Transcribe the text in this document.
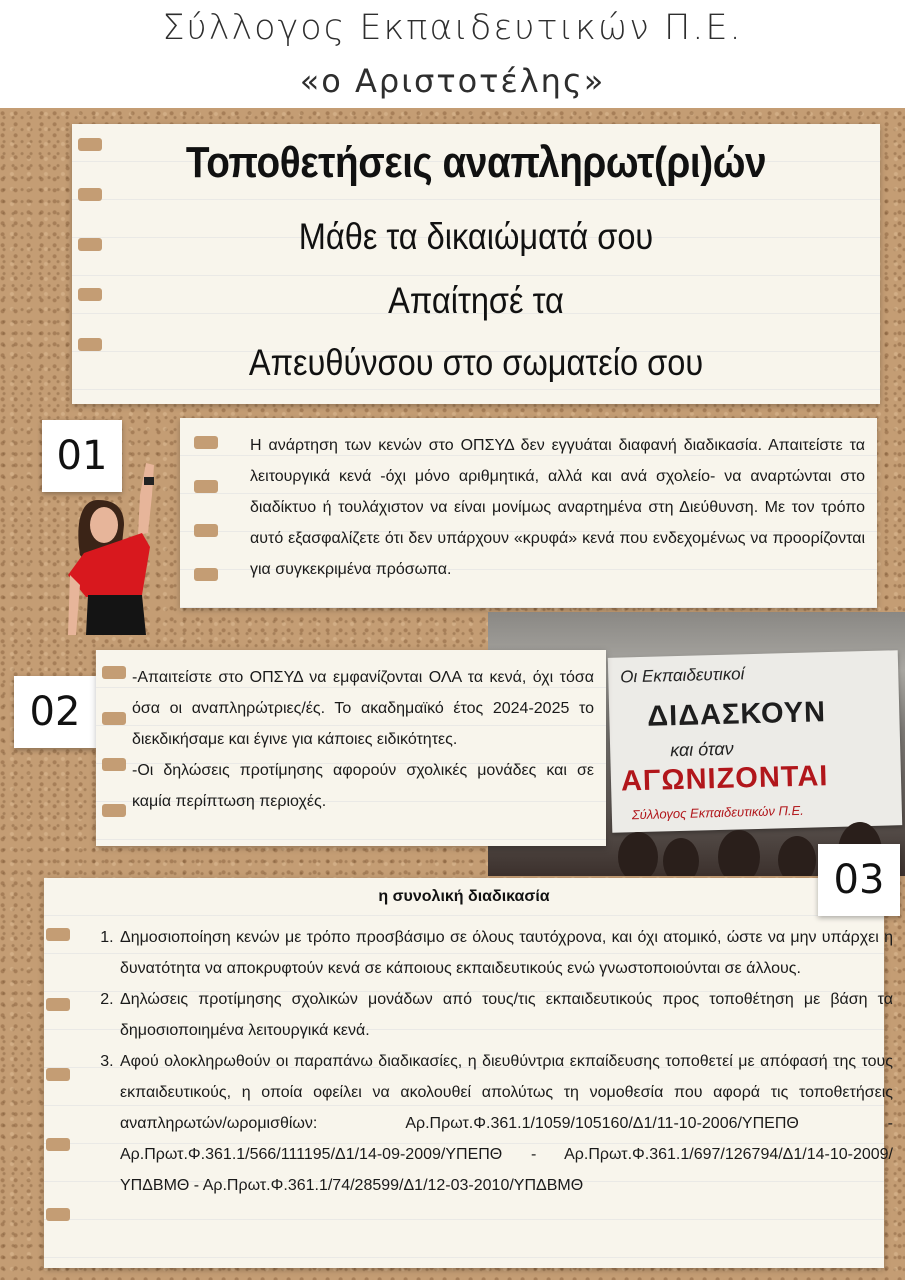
Σύλλογος Εκπαιδευτικών Π.Ε.
«ο Αριστοτέλης»
Τοποθετήσεις αναπληρωτ(ρι)ών
Μάθε τα δικαιώματά σου
Απαίτησέ τα
Απευθύνσου στο σωματείο σου
01	Η ανάρτηση των κενών στο ΟΠΣΥΔ δεν εγγυάται διαφανή διαδικασία. Απαιτείστε τα λειτουργικά κενά -όχι μόνο αριθμητικά, αλλά και ανά σχολείο- να αναρτώνται στο διαδίκτυο ή τουλάχιστον να είναι μονίμως αναρτημένα στη Διεύθυνση. Με τον τρόπο αυτό εξασφαλίζετε ότι δεν υπάρχουν «κρυφά» κενά που ενδεχομένως να προορίζονται για συγκεκριμένα πρόσωπα.
Οι Εκπαιδευτικοί
ΔΙΔΑΣΚΟΥΝ
και όταν
ΑΓΩΝΙΖΟΝΤΑΙ
Σύλλογος Εκπαιδευτικών Π.Ε.
02
-Απαιτείστε στο ΟΠΣΥΔ να εμφανίζονται ΟΛΑ τα κενά, όχι τόσα όσα οι αναπληρώτριες/ές. Το ακαδημαϊκό έτος 2024-2025 το διεκδικήσαμε και έγινε για κάποιες ειδικότητες.
-Οι δηλώσεις προτίμησης αφορούν σχολικές μονάδες και σε καμία περίπτωση περιοχές.
η συνολική διαδικασία
1. Δημοσιοποίηση κενών με τρόπο προσβάσιμο σε όλους ταυτόχρονα, και όχι ατομικό, ώστε να μην υπάρχει η δυνατότητα να αποκρυφτούν κενά σε κάποιους εκπαιδευτικούς ενώ γνωστοποιούνται σε άλλους.
2. Δηλώσεις προτίμησης σχολικών μονάδων από τους/τις εκπαιδευτικούς προς τοποθέτηση με βάση τα δημοσιοποιημένα λειτουργικά κενά.
3. Αφού ολοκληρωθούν οι παραπάνω διαδικασίες, η διευθύντρια εκπαίδευσης τοποθετεί με απόφασή της τους εκπαιδευτικούς, η οποία οφείλει να ακολουθεί απολύτως τη νομοθεσία που αφορά τις τοποθετήσεις αναπληρωτών/ωρομισθίων: Αρ.Πρωτ.Φ.361.1/1059/105160/Δ1/11-10-2006/ΥΠΕΠΘ - Αρ.Πρωτ.Φ.361.1/566/111195/Δ1/14-09-2009/ΥΠΕΠΘ - Αρ.Πρωτ.Φ.361.1/697/126794/Δ1/14-10-2009/ΥΠΔΒΜΘ - Αρ.Πρωτ.Φ.361.1/74/28599/Δ1/12-03-2010/ΥΠΔΒΜΘ
03
